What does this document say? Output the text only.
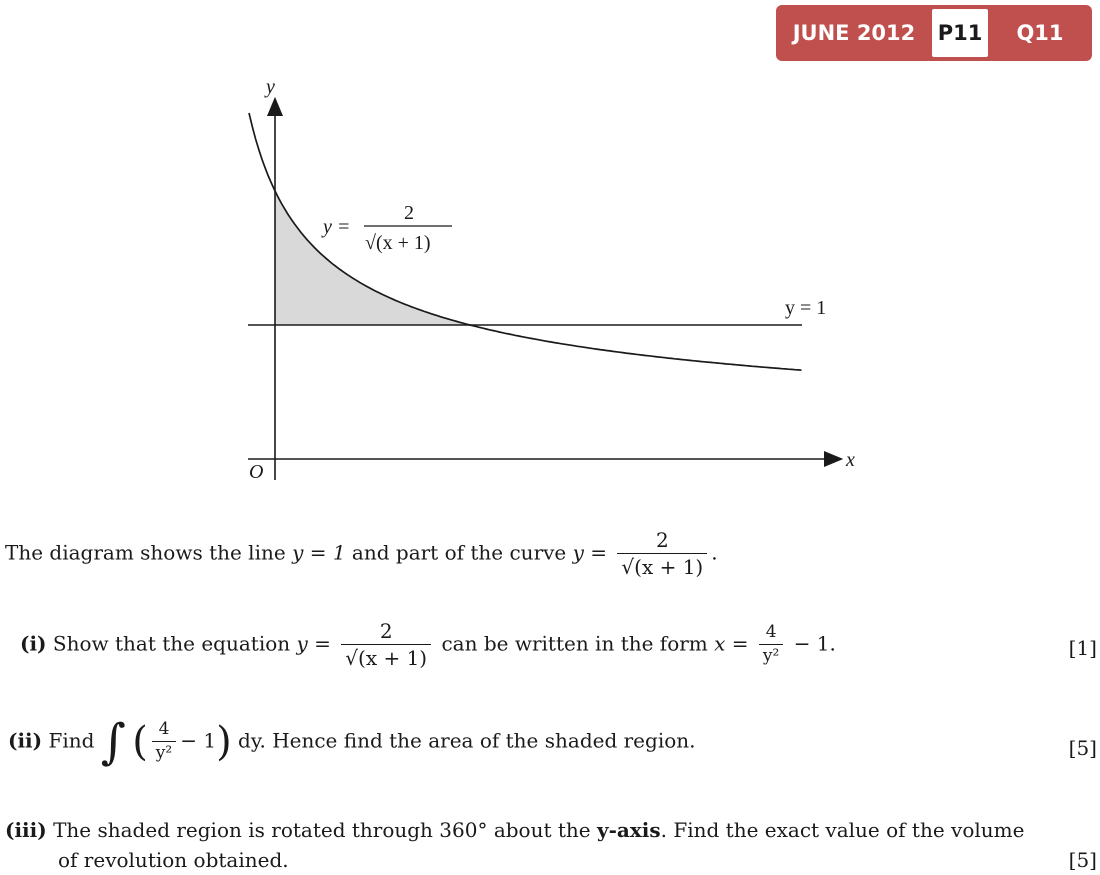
JUNE 2012	P11	Q11
y
x
O
y =
2
√(x + 1)
y = 1
The diagram shows the line y = 1 and part of the curve $y = \frac{2}{√(x + 1)}$ .
(i) Show that the equation $y = \frac{2}{√(x + 1)}$ can be written in the form $x = \frac{4}{\text{y²}} - 1$.	[1]
(ii) Find ∫ ( $\frac{4}{\text{y²}} - 1$) dy. Hence find the area of the shaded region.	[5]
(iii) The shaded region is rotated through 360° about the y-axis. Find the exact value of the volume
of revolution obtained.	[5]
